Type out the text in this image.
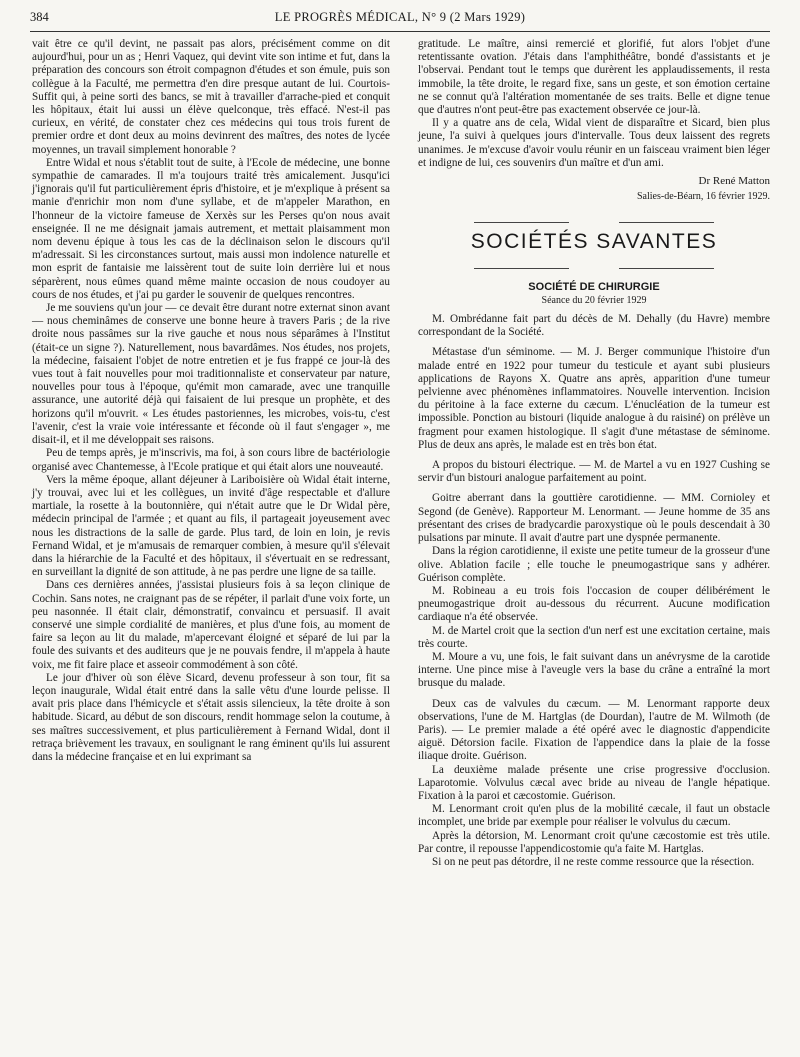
384	LE PROGRÈS MÉDICAL, N° 9 (2 Mars 1929)

vait être ce qu'il devint, ne passait pas alors, précisément comme on dit aujourd'hui, pour un as ; Henri Vaquez, qui devint vite son intime et fut, dans la préparation des concours son étroit compagnon d'études et son émule, puis son collègue à la Faculté, me permettra d'en dire presque autant de lui. Courtois-Suffit qui, à peine sorti des bancs, se mit à travailler d'arrache-pied et conquit les hôpitaux, était lui aussi un élève quelconque, très effacé. N'est-il pas curieux, en vérité, de constater chez ces médecins qui tous trois furent de premier ordre et dont deux au moins devinrent des maîtres, des notes de lycée moyennes, un travail simplement honorable ?

Entre Widal et nous s'établit tout de suite, à l'Ecole de médecine, une bonne sympathie de camarades. Il m'a toujours traité très amicalement. Jusqu'ici j'ignorais qu'il fut particulièrement épris d'histoire, et je m'explique à présent sa manie d'enrichir mon nom d'une syllabe, et de m'appeler Marathon, en l'honneur de la victoire fameuse de Xerxès sur les Perses qu'on nous avait enseignée. Il ne me désignait jamais autrement, et mettait plaisamment mon nom devenu épique à tous les cas de la déclinaison selon le discours qu'il m'adressait. Si les circonstances surtout, mais aussi mon indolence naturelle et mon esprit de fantaisie me laissèrent tout de suite loin derrière lui et nous séparèrent, nous eûmes quand même mainte occasion de nous coudoyer au cours de nos études, et j'ai pu garder le souvenir de quelques rencontres.

Je me souviens qu'un jour — ce devait être durant notre externat sinon avant — nous cheminâmes de conserve une bonne heure à travers Paris ; de la rive droite nous passâmes sur la rive gauche et nous nous séparâmes à l'Institut (était-ce un signe ?). Naturellement, nous bavardâmes. Nos études, nos projets, la médecine, faisaient l'objet de notre entretien et je fus frappé ce jour-là des vues tout à fait nouvelles pour moi traditionnaliste et conservateur par nature, nouvelles pour tous à l'époque, qu'émit mon camarade, avec une tranquille assurance, une autorité déjà qui faisaient de lui presque un prophète, et des horizons qu'il m'ouvrit. « Les études pastoriennes, les microbes, vois-tu, c'est l'avenir, c'est la vraie voie intéressante et féconde où il faut s'engager », me disait-il, et il me développait ses raisons.

Peu de temps après, je m'inscrivis, ma foi, à son cours libre de bactériologie organisé avec Chantemesse, à l'Ecole pratique et qui était alors une nouveauté.

Vers la même époque, allant déjeuner à Lariboisière où Widal était interne, j'y trouvai, avec lui et les collègues, un invité d'âge respectable et d'allure martiale, la rosette à la boutonnière, qui n'était autre que le Dr Widal père, médecin principal de l'armée ; et quant au fils, il partageait joyeusement avec nous les distractions de la salle de garde. Plus tard, de loin en loin, je revis Fernand Widal, et je m'amusais de remarquer combien, à mesure qu'il s'élevait dans la hiérarchie de la Faculté et des hôpitaux, il s'évertuait en se redressant, en surveillant la dignité de son attitude, à ne pas perdre une ligne de sa taille.

Dans ces dernières années, j'assistai plusieurs fois à sa leçon clinique de Cochin. Sans notes, ne craignant pas de se répéter, il parlait d'une voix forte, un peu nasonnée. Il était clair, démonstratif, convaincu et persuasif. Il avait conservé une simple cordialité de manières, et plus d'une fois, au moment de faire sa leçon au lit du malade, m'apercevant éloigné et séparé de lui par la foule des suivants et des auditeurs que je ne pouvais fendre, il m'appela à haute voix, me fit faire place et asseoir commodément à son côté.

Le jour d'hiver où son élève Sicard, devenu professeur à son tour, fit sa leçon inaugurale, Widal était entré dans la salle vêtu d'une lourde pelisse. Il avait pris place dans l'hémicycle et s'était assis silencieux, la tête droite à son habitude. Sicard, au début de son discours, rendit hommage selon la coutume, à ses maîtres successivement, et plus particulièrement à Fernand Widal, dont il retraça brièvement les travaux, en soulignant le rang éminent qu'ils lui assurent dans la médecine française et en lui exprimant sa

gratitude. Le maître, ainsi remercié et glorifié, fut alors l'objet d'une retentissante ovation. J'étais dans l'amphithéâtre, bondé d'assistants et je l'observai. Pendant tout le temps que durèrent les applaudissements, il resta immobile, la tête droite, le regard fixe, sans un geste, et son émotion certaine ne se connut qu'à l'altération momentanée de ses traits. Belle et digne tenue que d'autres n'ont peut-être pas exactement observée ce jour-là.

Il y a quatre ans de cela, Widal vient de disparaître et Sicard, bien plus jeune, l'a suivi à quelques jours d'intervalle. Tous deux laissent des regrets unanimes. Je m'excuse d'avoir voulu réunir en un faisceau vraiment bien léger et indigne de lui, ces souvenirs d'un maître et d'un ami.

Dr René Matton
Salies-de-Béarn, 16 février 1929.
SOCIÉTÉS SAVANTES
SOCIÉTÉ DE CHIRURGIE
Séance du 20 février 1929

M. Ombrédanne fait part du décès de M. Dehally (du Havre) membre correspondant de la Société.

Métastase d'un séminome. — M. J. Berger communique l'histoire d'un malade entré en 1922 pour tumeur du testicule et ayant subi plusieurs applications de Rayons X. Quatre ans après, apparition d'une tumeur pelvienne avec phénomènes inflammatoires. Nouvelle intervention. Incision du péritoine à la face externe du cæcum. L'énucléation de la tumeur est impossible. Ponction au bistouri (liquide analogue à du raisiné) on prélève un fragment pour examen histologique. Il s'agit d'une métastase de séminome. Plus de deux ans après, le malade est en très bon état.

A propos du bistouri électrique. — M. de Martel a vu en 1927 Cushing se servir d'un bistouri analogue parfaitement au point.

Goitre aberrant dans la gouttière carotidienne. — MM. Cornioley et Segond (de Genève). Rapporteur M. Lenormant. — Jeune homme de 35 ans présentant des crises de bradycardie paroxystique où le pouls descendait à 30 pulsations par minute. Il avait d'autre part une dyspnée permanente.

Dans la région carotidienne, il existe une petite tumeur de la grosseur d'une olive. Ablation facile ; elle touche le pneumogastrique sans y adhérer. Guérison complète.

M. Robineau a eu trois fois l'occasion de couper délibérément le pneumogastrique droit au-dessous du récurrent. Aucune modification cardiaque n'a été observée.

M. de Martel croit que la section d'un nerf est une excitation certaine, mais très courte.

M. Moure a vu, une fois, le fait suivant dans un anévrysme de la carotide interne. Une pince mise à l'aveugle vers la base du crâne a entraîné la mort brusque du malade.

Deux cas de valvules du cæcum. — M. Lenormant rapporte deux observations, l'une de M. Hartglas (de Dourdan), l'autre de M. Wilmoth (de Paris). — Le premier malade a été opéré avec le diagnostic d'appendicite aiguë. Détorsion facile. Fixation de l'appendice dans la plaie de la fosse iliaque droite. Guérison.

La deuxième malade présente une crise progressive d'occlusion. Laparotomie. Volvulus cæcal avec bride au niveau de l'angle hépatique. Fixation à la paroi et cæcostomie. Guérison.

M. Lenormant croit qu'en plus de la mobilité cæcale, il faut un obstacle incomplet, une bride par exemple pour réaliser le volvulus du cæcum.

Après la détorsion, M. Lenormant croit qu'une cæcostomie est très utile. Par contre, il repousse l'appendicostomie qu'a faite M. Hartglas.

Si on ne peut pas détordre, il ne reste comme ressource que la résection.
